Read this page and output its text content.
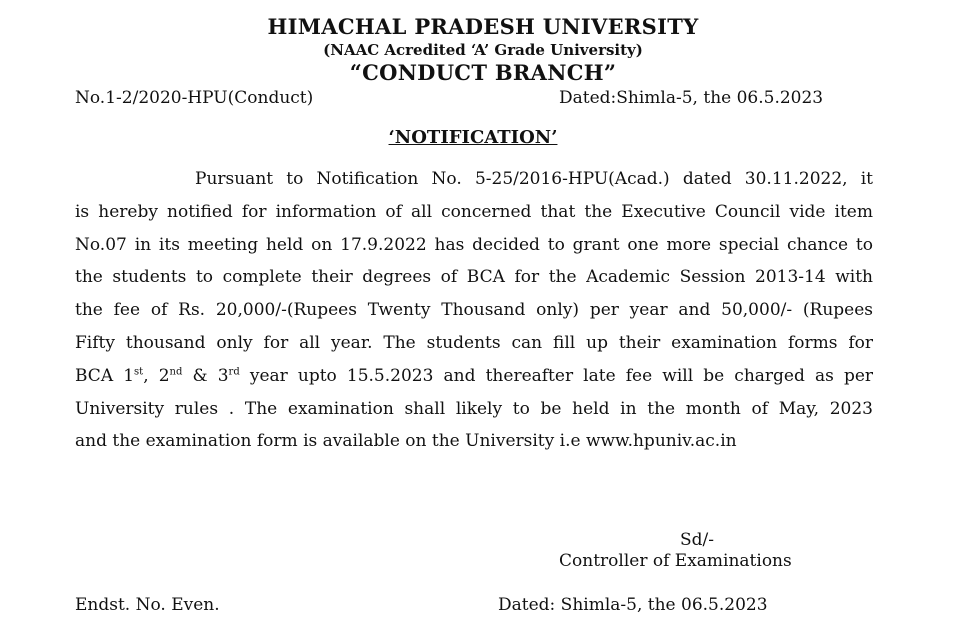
HIMACHAL PRADESH UNIVERSITY
(NAAC Acredited ‘A’ Grade University)
“CONDUCT BRANCH”
No.1-2/2020-HPU(Conduct)	Dated:Shimla-5, the 06.5.2023
‘NOTIFICATION’
Pursuant to Notification No. 5-25/2016-HPU(Acad.) dated 30.11.2022, it
is hereby notified for information of all concerned that the Executive Council vide item
No.07 in its meeting held on 17.9.2022 has decided to grant one more special chance to
the students to complete their degrees of BCA for the Academic Session 2013-14 with
the fee of Rs. 20,000/-(Rupees Twenty Thousand only) per year and 50,000/- (Rupees
Fifty thousand only for all year. The students can fill up their examination forms for
BCA 1st, 2nd & 3rd year upto 15.5.2023 and thereafter late fee will be charged as per
University rules . The examination shall likely to be held in the month of May, 2023
and the examination form is available on the University i.e www.hpuniv.ac.in
Sd/-
Controller of Examinations
Endst. No. Even.	Dated: Shimla-5, the 06.5.2023
